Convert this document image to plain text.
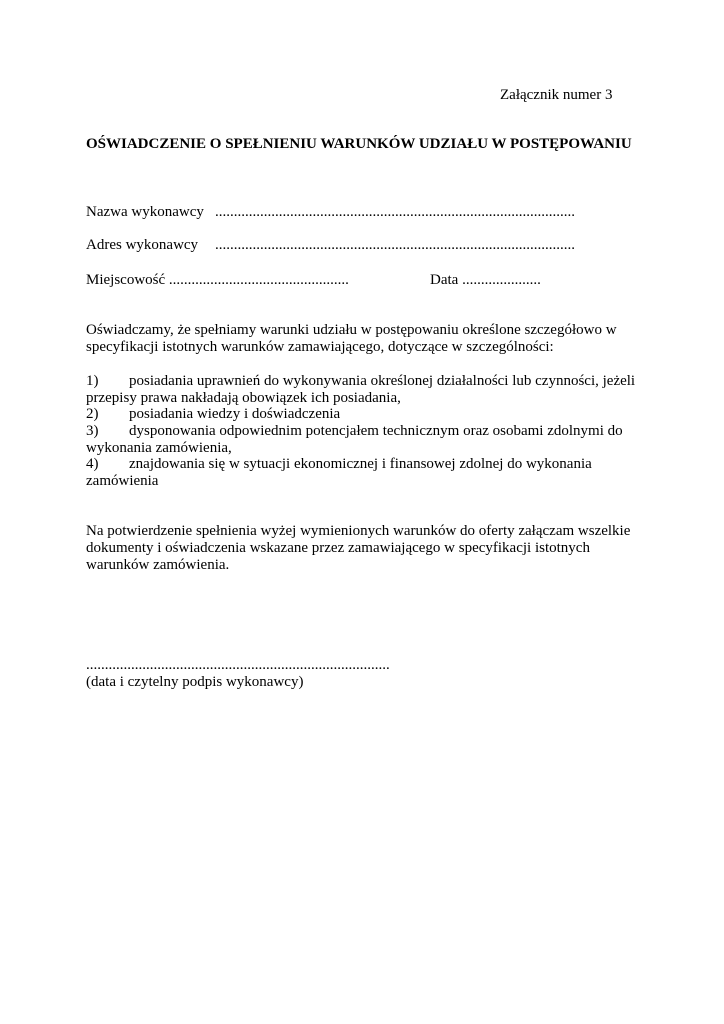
Załącznik numer 3
OŚWIADCZENIE O SPEŁNIENIU WARUNKÓW UDZIAŁU W POSTĘPOWANIU
Nazwa wykonawcy ................................................................................................
Adres wykonawcy ................................................................................................
Miejscowość ................................................	Data .....................
Oświadczamy, że spełniamy warunki udziału w postępowaniu określone szczegółowo w
specyfikacji istotnych warunków zamawiającego, dotyczące w szczególności:
1) posiadania uprawnień do wykonywania określonej działalności lub czynności, jeżeli
przepisy prawa nakładają obowiązek ich posiadania,
2) posiadania wiedzy i doświadczenia
3) dysponowania odpowiednim potencjałem technicznym oraz osobami zdolnymi do
wykonania zamówienia,
4) znajdowania się w sytuacji ekonomicznej i finansowej zdolnej do wykonania
zamówienia
Na potwierdzenie spełnienia wyżej wymienionych warunków do oferty załączam wszelkie
dokumenty i oświadczenia wskazane przez zamawiającego w specyfikacji istotnych
warunków zamówienia.
.................................................................................
(data i czytelny podpis wykonawcy)
